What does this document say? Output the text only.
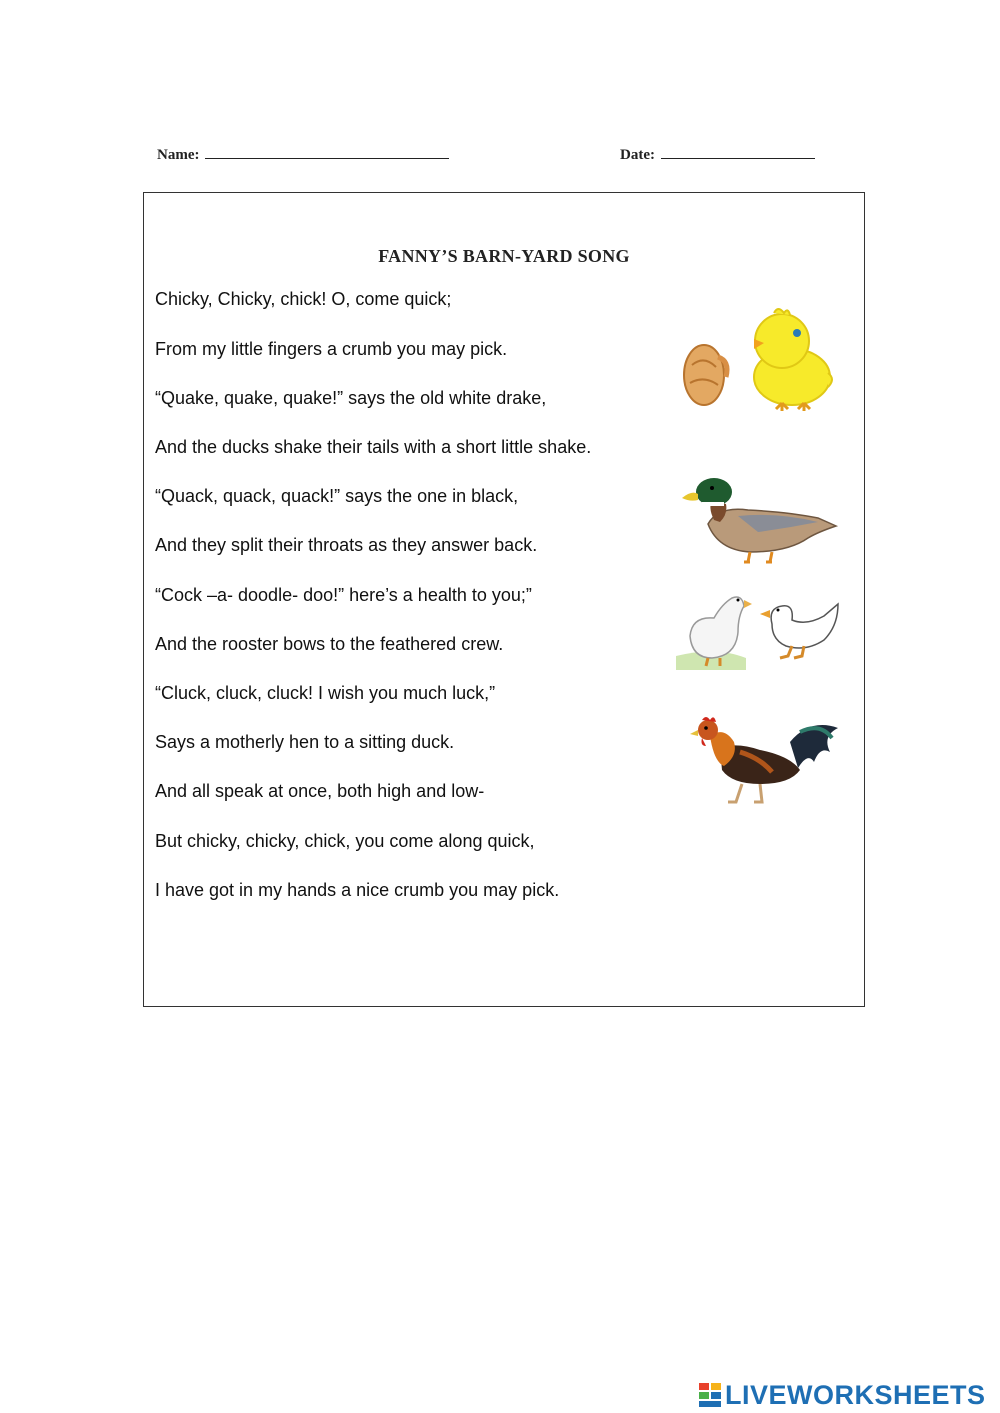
Name:	Date:
FANNY’S BARN-YARD SONG
Chicky, Chicky, chick! O, come quick;
From my little fingers a crumb you may pick.
“Quake, quake, quake!” says the old white drake,
And the ducks shake their tails with a short little shake.
“Quack, quack, quack!” says the one in black,
And they split their throats as they answer back.
“Cock –a- doodle- doo!” here’s a health to you;”
And the rooster bows to the feathered crew.
“Cluck, cluck, cluck! I wish you much luck,”
Says a motherly hen to a sitting duck.
And all speak at once, both high and low-
But chicky, chicky, chick, you come along quick,
I have got in my hands a nice crumb you may pick.
LIVEWORKSHEETS
